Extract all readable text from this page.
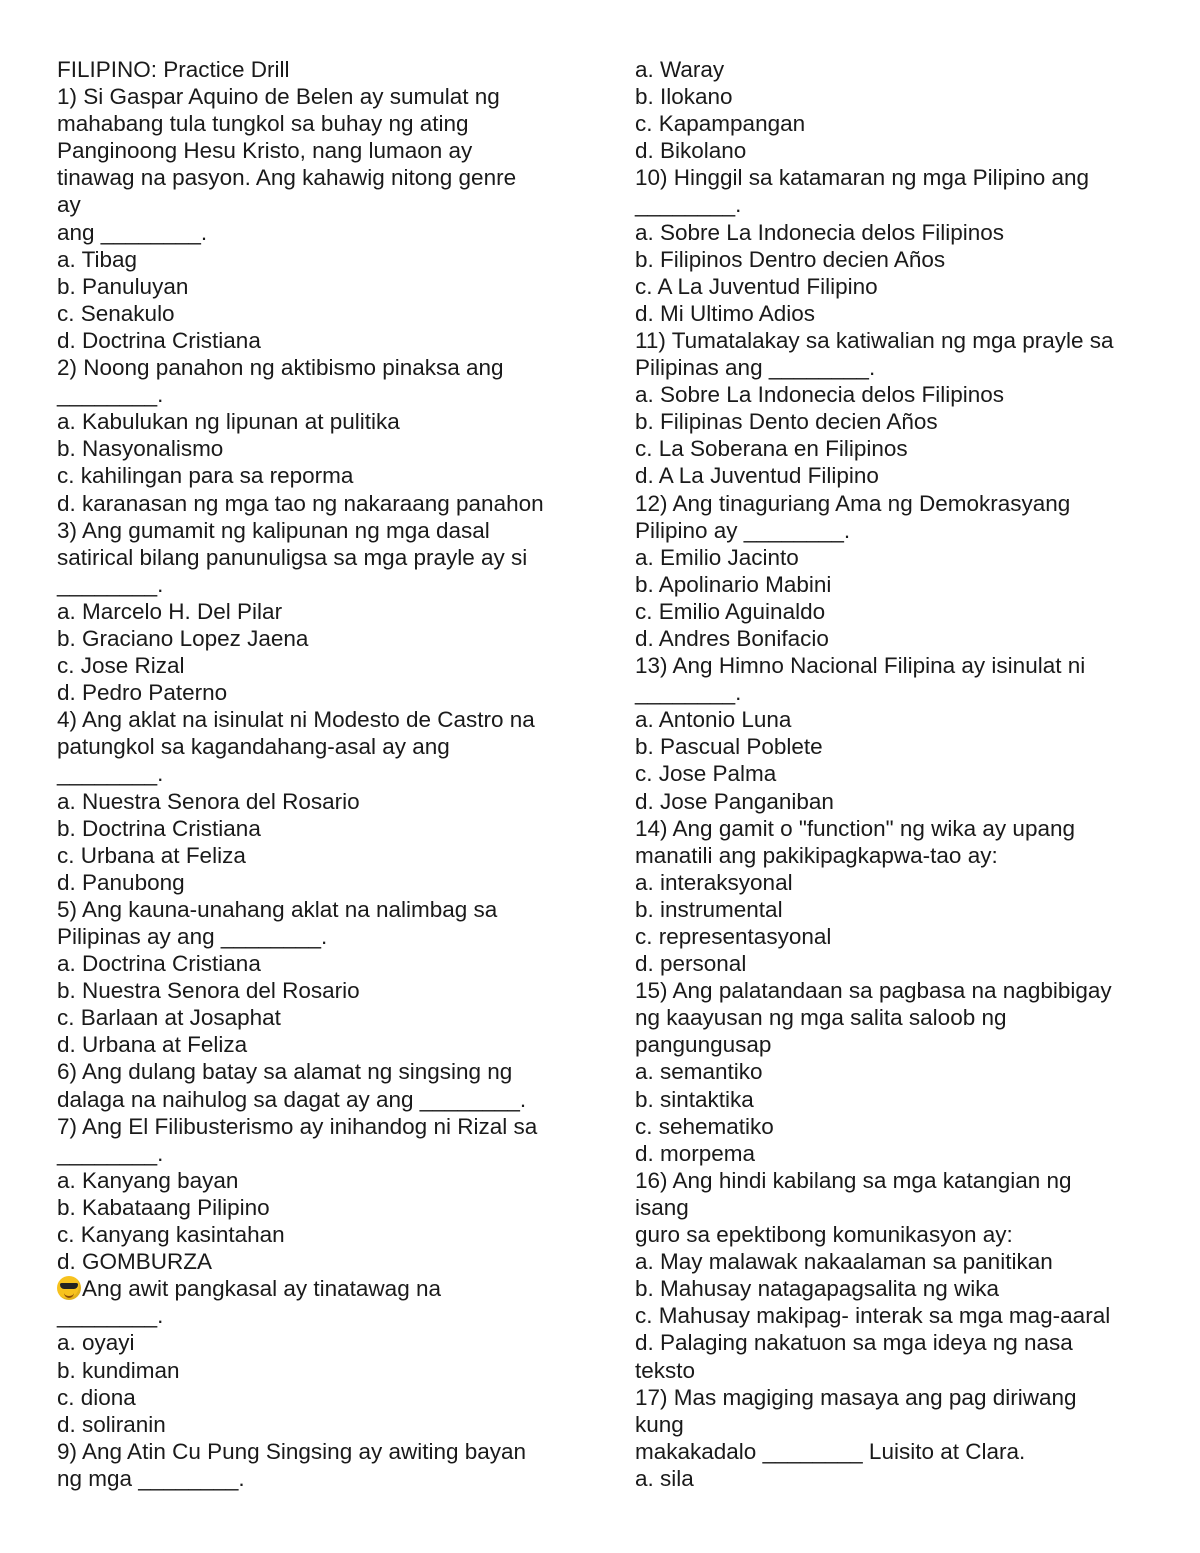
FILIPINO: Practice Drill
1) Si Gaspar Aquino de Belen ay sumulat ng
mahabang tula tungkol sa buhay ng ating
Panginoong Hesu Kristo, nang lumaon ay
tinawag na pasyon. Ang kahawig nitong genre
ay
ang ________.
a. Tibag
b. Panuluyan
c. Senakulo
d. Doctrina Cristiana
2) Noong panahon ng aktibismo pinaksa ang
________.
a. Kabulukan ng lipunan at pulitika
b. Nasyonalismo
c. kahilingan para sa reporma
d. karanasan ng mga tao ng nakaraang panahon
3) Ang gumamit ng kalipunan ng mga dasal
satirical bilang panunuligsa sa mga prayle ay si
________.
a. Marcelo H. Del Pilar
b. Graciano Lopez Jaena
c. Jose Rizal
d. Pedro Paterno
4) Ang aklat na isinulat ni Modesto de Castro na
patungkol sa kagandahang-asal ay ang
________.
a. Nuestra Senora del Rosario
b. Doctrina Cristiana
c. Urbana at Feliza
d. Panubong
5) Ang kauna-unahang aklat na nalimbag sa
Pilipinas ay ang ________.
a. Doctrina Cristiana
b. Nuestra Senora del Rosario
c. Barlaan at Josaphat
d. Urbana at Feliza
6) Ang dulang batay sa alamat ng singsing ng
dalaga na naihulog sa dagat ay ang ________.
7) Ang El Filibusterismo ay inihandog ni Rizal sa
________.
a. Kanyang bayan
b. Kabataang Pilipino
c. Kanyang kasintahan
d. GOMBURZA
Ang awit pangkasal ay tinatawag na
________.
a. oyayi
b. kundiman
c. diona
d. soliranin
9) Ang Atin Cu Pung Singsing ay awiting bayan
ng mga ________.
a. Waray
b. Ilokano
c. Kapampangan
d. Bikolano
10) Hinggil sa katamaran ng mga Pilipino ang
________.
a. Sobre La Indonecia delos Filipinos
b. Filipinos Dentro decien Años
c. A La Juventud Filipino
d. Mi Ultimo Adios
11) Tumatalakay sa katiwalian ng mga prayle sa
Pilipinas ang ________.
a. Sobre La Indonecia delos Filipinos
b. Filipinas Dento decien Años
c. La Soberana en Filipinos
d. A La Juventud Filipino
12) Ang tinaguriang Ama ng Demokrasyang
Pilipino ay ________.
a. Emilio Jacinto
b. Apolinario Mabini
c. Emilio Aguinaldo
d. Andres Bonifacio
13) Ang Himno Nacional Filipina ay isinulat ni
________.
a. Antonio Luna
b. Pascual Poblete
c. Jose Palma
d. Jose Panganiban
14) Ang gamit o "function" ng wika ay upang
manatili ang pakikipagkapwa-tao ay:
a. interaksyonal
b. instrumental
c. representasyonal
d. personal
15) Ang palatandaan sa pagbasa na nagbibigay
ng kaayusan ng mga salita saloob ng
pangungusap
a. semantiko
b. sintaktika
c. sehematiko
d. morpema
16) Ang hindi kabilang sa mga katangian ng
isang
guro sa epektibong komunikasyon ay:
a. May malawak nakaalaman sa panitikan
b. Mahusay natagapagsalita ng wika
c. Mahusay makipag- interak sa mga mag-aaral
d. Palaging nakatuon sa mga ideya ng nasa
teksto
17) Mas magiging masaya ang pag diriwang
kung
makakadalo ________ Luisito at Clara.
a. sila
